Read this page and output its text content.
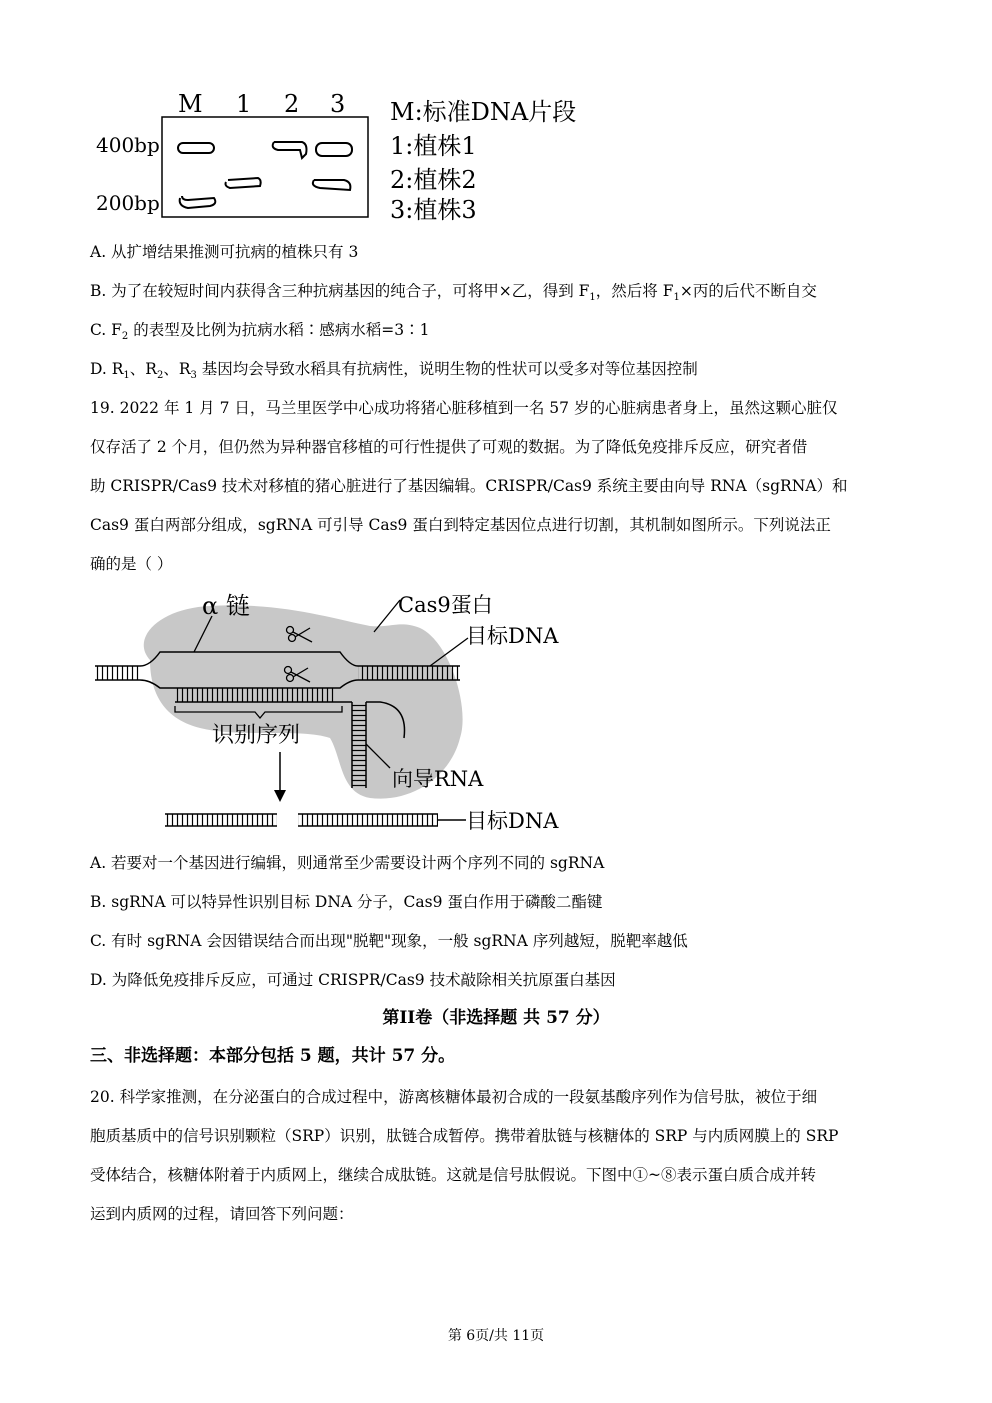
M 1 2 3
400bp
200bp
M:标准DNA片段
1:植株1
2:植株2
3:植株3
A. 从扩增结果推测可抗病的植株只有 3
B. 为了在较短时间内获得含三种抗病基因的纯合子，可将甲×乙，得到 $F_1$，然后将 $F_1\times$丙的后代不断自交
C. $F_2$ 的表型及比例为抗病水稻∶感病水稻=3∶1
D. $R_1$、$R_2$、$R_3$ 基因均会导致水稻具有抗病性，说明生物的性状可以受多对等位基因控制
19. 2022 年 1 月 7 日，马兰里医学中心成功将猪心脏移植到一名 57 岁的心脏病患者身上，虽然这颗心脏仅
仅存活了 2 个月，但仍然为异种器官移植的可行性提供了可观的数据。为了降低免疫排斥反应，研究者借
助 CRISPR/Cas9 技术对移植的猪心脏进行了基因编辑。CRISPR/Cas9 系统主要由向导 RNA（sgRNA）和
Cas9 蛋白两部分组成，sgRNA 可引导 Cas9 蛋白到特定基因位点进行切割，其机制如图所示。下列说法正
确的是（ ）
α 链	Cas9蛋白
目标DNA
识别序列
向导RNA
目标DNA
A. 若要对一个基因进行编辑，则通常至少需要设计两个序列不同的 sgRNA
B. sgRNA 可以特异性识别目标 DNA 分子，Cas9 蛋白作用于磷酸二酯键
C. 有时 sgRNA 会因错误结合而出现"脱靶"现象，一般 sgRNA 序列越短，脱靶率越低
D. 为降低免疫排斥反应，可通过 CRISPR/Cas9 技术敲除相关抗原蛋白基因
第II卷（非选择题 共 57 分）
三、非选择题：本部分包括 5 题，共计 57 分。
20. 科学家推测，在分泌蛋白的合成过程中，游离核糖体最初合成的一段氨基酸序列作为信号肽，被位于细
胞质基质中的信号识别颗粒（SRP）识别，肽链合成暂停。携带着肽链与核糖体的 SRP 与内质网膜上的 SRP
受体结合，核糖体附着于内质网上，继续合成肽链。这就是信号肽假说。下图中①~⑧表示蛋白质合成并转
运到内质网的过程，请回答下列问题：
第 6页/共 11页
